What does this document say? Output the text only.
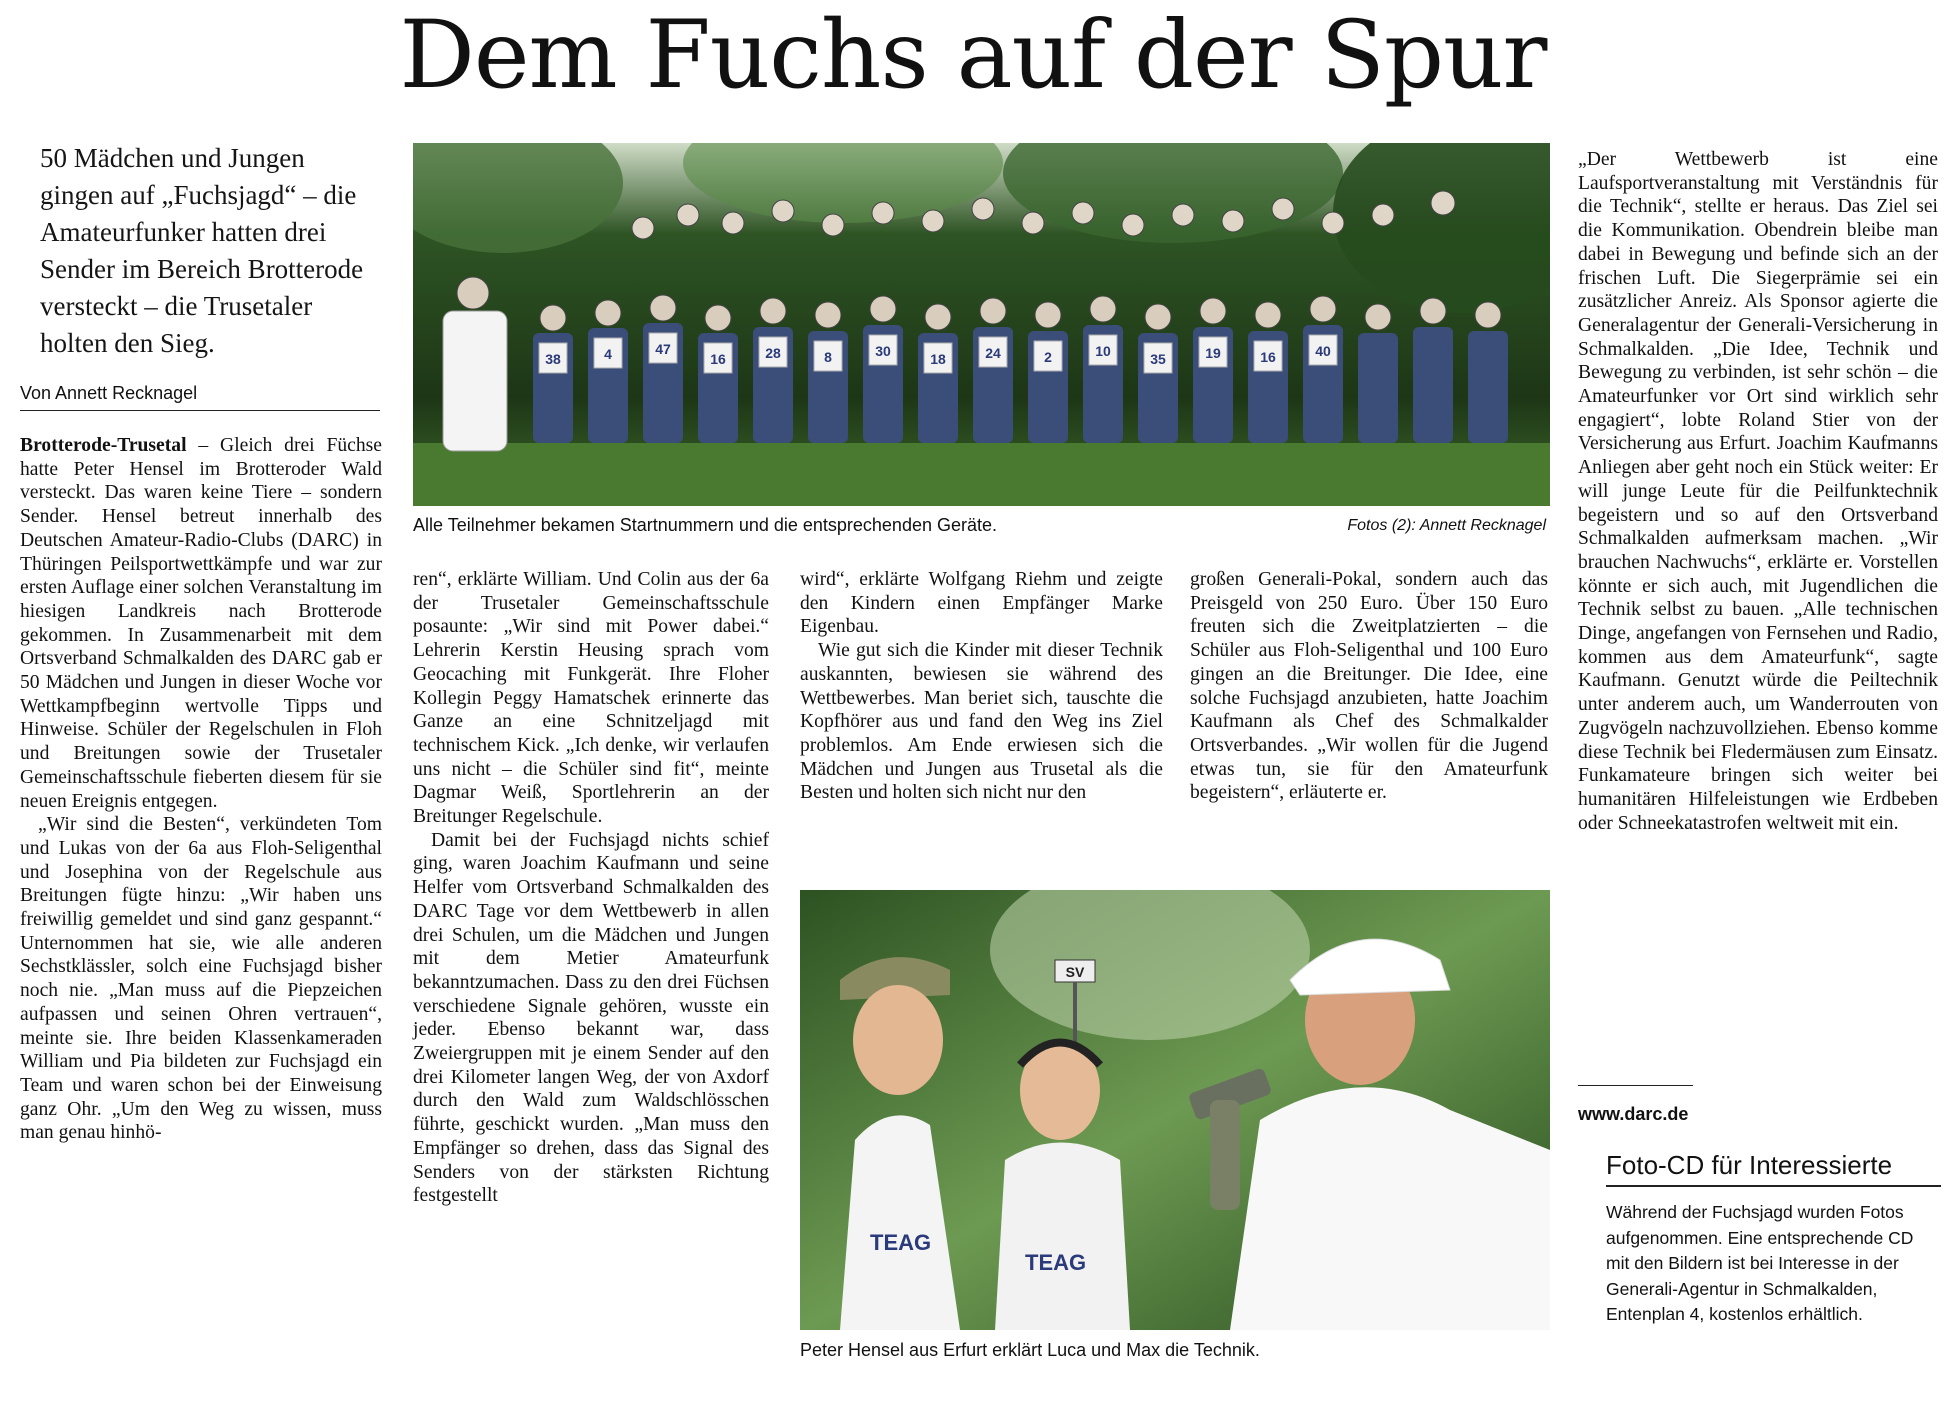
Dem Fuchs auf der Spur
50 Mädchen und Jungen gingen auf „Fuchsjagd“ – die Amateurfunker hatten drei Sender im Bereich Brotterode versteckt – die Trusetaler holten den Sieg.
Von Annett Recknagel

Brotterode-Trusetal – Gleich drei Füchse hatte Peter Hensel im Brotteroder Wald versteckt. Das waren keine Tiere – sondern Sender. Hensel betreut innerhalb des Deutschen Amateur-Radio-Clubs (DARC) in Thüringen Peilsportwettkämpfe und war zur ersten Auflage einer solchen Veranstaltung im hiesigen Landkreis nach Brotterode gekommen. In Zusammenarbeit mit dem Ortsverband Schmalkalden des DARC gab er 50 Mädchen und Jungen in dieser Woche vor Wettkampfbeginn wertvolle Tipps und Hinweise. Schüler der Regelschulen in Floh und Breitungen sowie der Trusetaler Gemeinschaftsschule fieberten diesem für sie neuen Ereignis entgegen.

„Wir sind die Besten“, verkündeten Tom und Lukas von der 6a aus Floh-Seligenthal und Josephina von der Regelschule aus Breitungen fügte hinzu: „Wir haben uns freiwillig gemeldet und sind ganz gespannt.“ Unternommen hat sie, wie alle anderen Sechstklässler, solch eine Fuchsjagd bisher noch nie. „Man muss auf die Piepzeichen aufpassen und seinen Ohren vertrauen“, meinte sie. Ihre beiden Klassenkameraden William und Pia bildeten zur Fuchsjagd ein Team und waren schon bei der Einweisung ganz Ohr. „Um den Weg zu wissen, muss man genau hinhö-

38	4	47
16	28	8	30	18	24	2	10	35	19	16	40
Alle Teilnehmer bekamen Startnummern und die entsprechenden Geräte.	Fotos (2): Annett Recknagel

ren“, erklärte William. Und Colin aus der 6a der Trusetaler Gemeinschaftsschule posaunte: „Wir sind mit Power dabei.“ Lehrerin Kerstin Heusing sprach vom Geocaching mit Funkgerät. Ihre Floher Kollegin Peggy Hamatschek erinnerte das Ganze an eine Schnitzeljagd mit technischem Kick. „Ich denke, wir verlaufen uns nicht – die Schüler sind fit“, meinte Dagmar Weiß, Sportlehrerin an der Breitunger Regelschule.

Damit bei der Fuchsjagd nichts schief ging, waren Joachim Kaufmann und seine Helfer vom Ortsverband Schmalkalden des DARC Tage vor dem Wettbewerb in allen drei Schulen, um die Mädchen und Jungen mit dem Metier Amateurfunk bekanntzumachen. Dass zu den drei Füchsen verschiedene Signale gehören, wusste ein jeder. Ebenso bekannt war, dass Zweiergruppen mit je einem Sender auf den drei Kilometer langen Weg, der von Axdorf durch den Wald zum Waldschlösschen führte, geschickt wurden. „Man muss den Empfänger so drehen, dass das Signal des Senders von der stärksten Richtung festgestellt

wird“, erklärte Wolfgang Riehm und zeigte den Kindern einen Empfänger Marke Eigenbau.

Wie gut sich die Kinder mit dieser Technik auskannten, bewiesen sie während des Wettbewerbes. Man beriet sich, tauschte die Kopfhörer aus und fand den Weg ins Ziel problemlos. Am Ende erwiesen sich die Mädchen und Jungen aus Trusetal als die Besten und holten sich nicht nur den

großen Generali-Pokal, sondern auch das Preisgeld von 250 Euro. Über 150 Euro freuten sich die Zweitplatzierten – die Schüler aus Floh-Seligenthal und 100 Euro gingen an die Breitunger. Die Idee, eine solche Fuchsjagd anzubieten, hatte Joachim Kaufmann als Chef des Schmalkalder Ortsverbandes. „Wir wollen für die Jugend etwas tun, sie für den Amateurfunk begeistern“, erläuterte er.

SV
TEAG
TEAG
Peter Hensel aus Erfurt erklärt Luca und Max die Technik.

„Der Wettbewerb ist eine Laufsportveranstaltung mit Verständnis für die Technik“, stellte er heraus. Das Ziel sei die Kommunikation. Obendrein bleibe man dabei in Bewegung und befinde sich an der frischen Luft. Die Siegerprämie sei ein zusätzlicher Anreiz. Als Sponsor agierte die Generalagentur der Generali-Versicherung in Schmalkalden. „Die Idee, Technik und Bewegung zu verbinden, ist sehr schön – die Amateurfunker vor Ort sind wirklich sehr engagiert“, lobte Roland Stier von der Versicherung aus Erfurt. Joachim Kaufmanns Anliegen aber geht noch ein Stück weiter: Er will junge Leute für die Peilfunktechnik begeistern und so auf den Ortsverband Schmalkalden aufmerksam machen. „Wir brauchen Nachwuchs“, erklärte er. Vorstellen könnte er sich auch, mit Jugendlichen die Technik selbst zu bauen. „Alle technischen Dinge, angefangen von Fernsehen und Radio, kommen aus dem Amateurfunk“, sagte Kaufmann. Genutzt würde die Peiltechnik unter anderem auch, um Wanderrouten von Zugvögeln nachzuvollziehen. Ebenso komme diese Technik bei Fledermäusen zum Einsatz. Funkamateure bringen sich weiter bei humanitären Hilfeleistungen wie Erdbeben oder Schneekatastrofen weltweit mit ein.

www.darc.de
Foto-CD für Interessierte
Während der Fuchsjagd wurden Fotos aufgenommen. Eine entsprechende CD mit den Bildern ist bei Interesse in der Generali-Agentur in Schmalkalden, Entenplan 4, kostenlos erhältlich.
